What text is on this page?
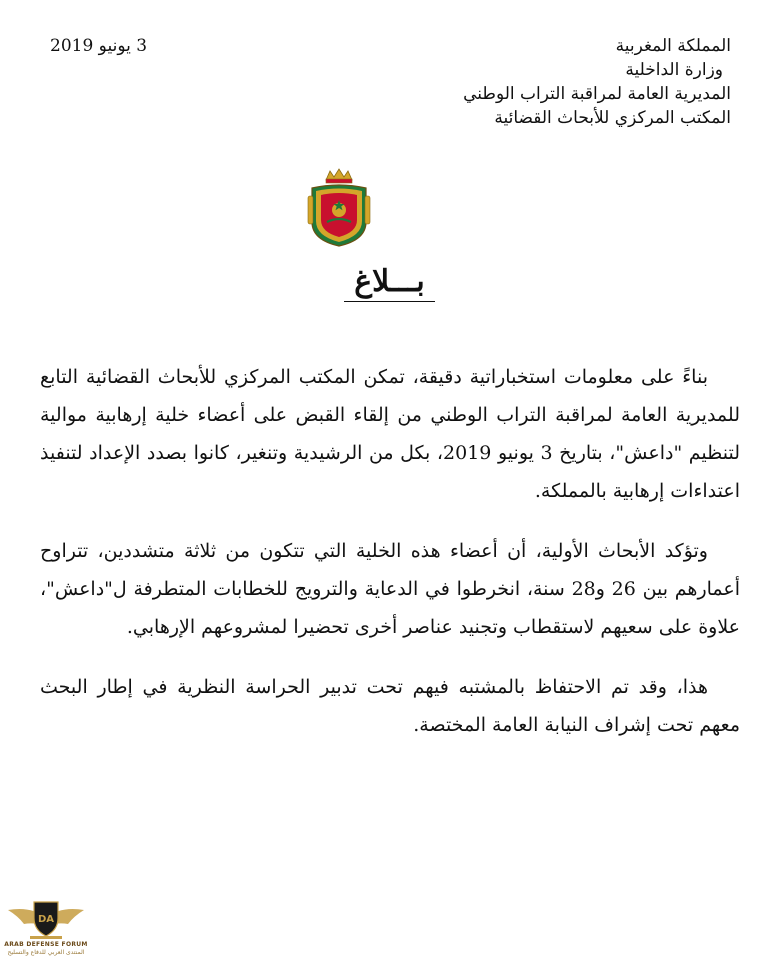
المملكة المغربية
وزارة الداخلية
المديرية العامة لمراقبة التراب الوطني
المكتب المركزي للأبحاث القضائية
3 يونيو 2019
بـــلاغ

بناءً على معلومات استخباراتية دقيقة، تمكن المكتب المركزي للأبحاث القضائية التابع للمديرية العامة لمراقبة التراب الوطني من إلقاء القبض على أعضاء خلية إرهابية موالية لتنظيم "داعش"، بتاريخ 3 يونيو 2019، بكل من الرشيدية وتنغير، كانوا بصدد الإعداد لتنفيذ اعتداءات إرهابية بالمملكة.

وتؤكد الأبحاث الأولية، أن أعضاء هذه الخلية التي تتكون من ثلاثة متشددين، تتراوح أعمارهم بين 26 و28 سنة، انخرطوا في الدعاية والترويج للخطابات المتطرفة ل"داعش"، علاوة على سعيهم لاستقطاب وتجنيد عناصر أخرى تحضيرا لمشروعهم الإرهابي.

هذا، وقد تم الاحتفاظ بالمشتبه فيهم تحت تدبير الحراسة النظرية في إطار البحث معهم تحت إشراف النيابة العامة المختصة.

DA
ARAB DEFENSE FORUM
المنتدى العربي للدفاع والتسليح
